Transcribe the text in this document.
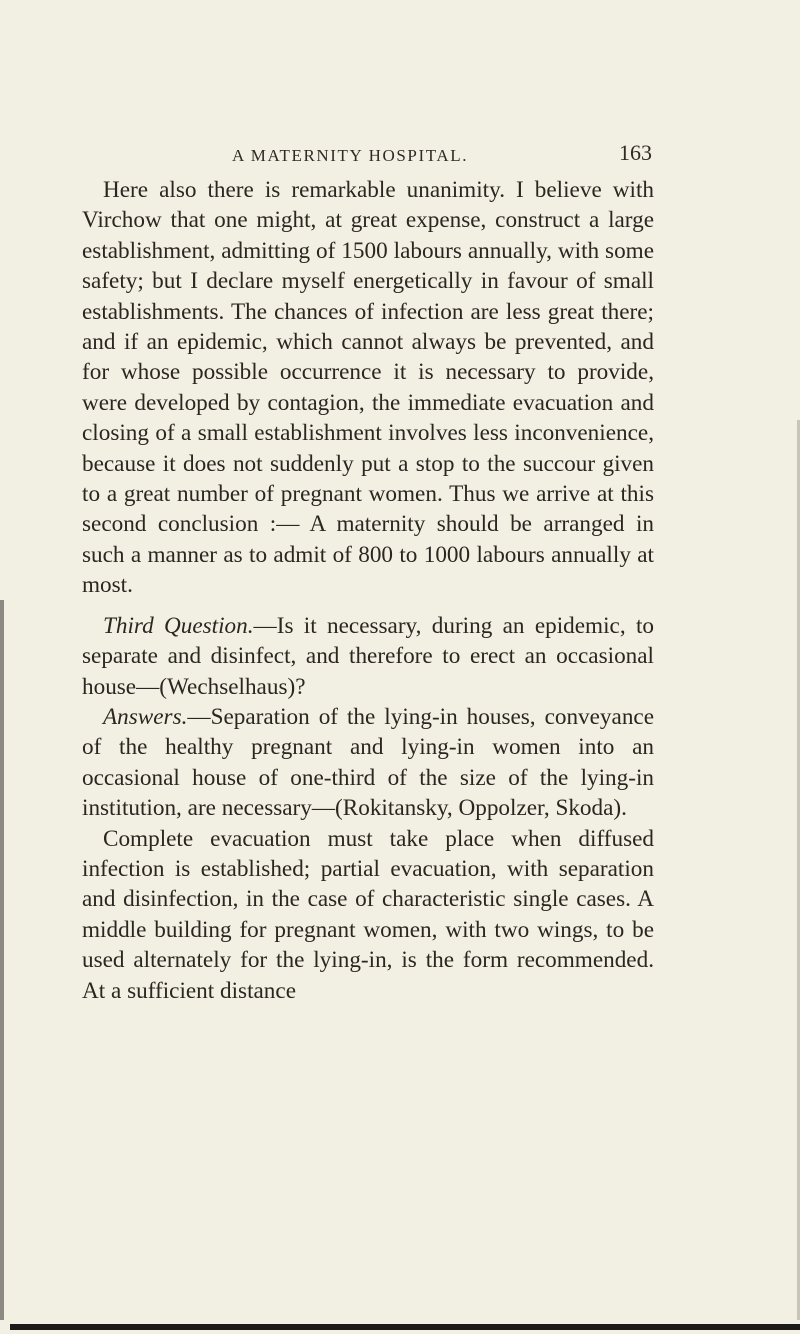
A MATERNITY HOSPITAL.	163

Here also there is remarkable unanimity. I believe with Virchow that one might, at great expense, construct a large establishment, admitting of 1500 labours annually, with some safety; but I declare myself energetically in favour of small establishments. The chances of infection are less great there; and if an epidemic, which cannot always be prevented, and for whose possible occurrence it is necessary to provide, were developed by contagion, the immediate evacuation and closing of a small establishment involves less inconvenience, because it does not suddenly put a stop to the succour given to a great number of pregnant women. Thus we arrive at this second conclusion :— A maternity should be arranged in such a manner as to admit of 800 to 1000 labours annually at most.

Third Question.—Is it necessary, during an epidemic, to separate and disinfect, and therefore to erect an occasional house—(Wechselhaus)?

Answers.—Separation of the lying-in houses, conveyance of the healthy pregnant and lying-in women into an occasional house of one-third of the size of the lying-in institution, are necessary—(Rokitansky, Oppolzer, Skoda).

Complete evacuation must take place when diffused infection is established; partial evacuation, with separation and disinfection, in the case of characteristic single cases. A middle building for pregnant women, with two wings, to be used alternately for the lying-in, is the form recommended. At a sufficient distance
